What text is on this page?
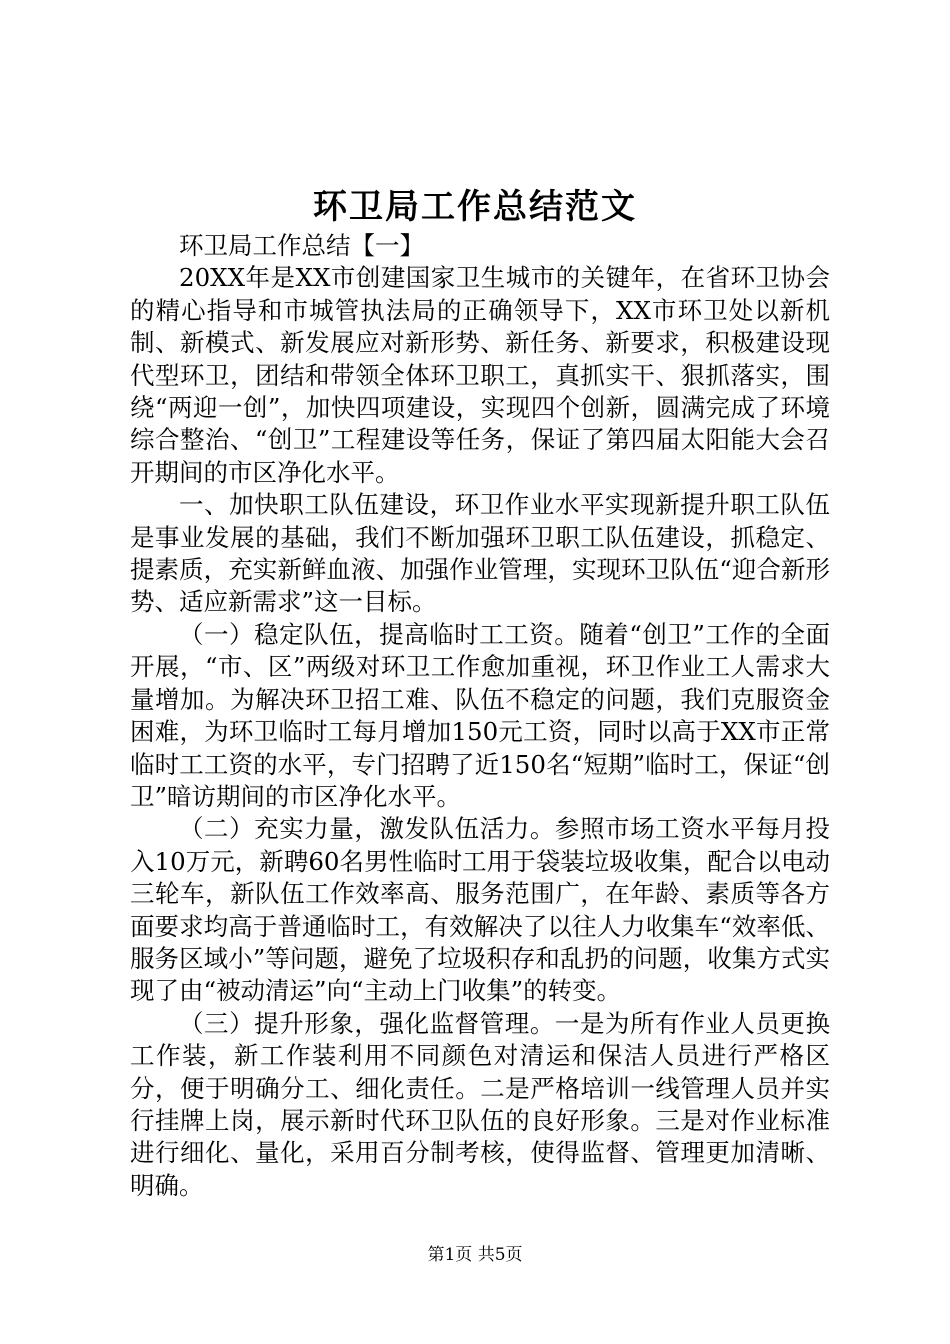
环卫局工作总结范文

环卫局工作总结【一】

20XX年是XX市创建国家卫生城市的关键年，在省环卫协会的精心指导和市城管执法局的正确领导下，XX市环卫处以新机制、新模式、新发展应对新形势、新任务、新要求，积极建设现代型环卫，团结和带领全体环卫职工，真抓实干、狠抓落实，围绕“两迎一创”，加快四项建设，实现四个创新，圆满完成了环境综合整治、“创卫”工程建设等任务，保证了第四届太阳能大会召开期间的市区净化水平。

一、加快职工队伍建设，环卫作业水平实现新提升职工队伍是事业发展的基础，我们不断加强环卫职工队伍建设，抓稳定、提素质，充实新鲜血液、加强作业管理，实现环卫队伍“迎合新形势、适应新需求”这一目标。

（一）稳定队伍，提高临时工工资。随着“创卫”工作的全面开展，“市、区”两级对环卫工作愈加重视，环卫作业工人需求大量增加。为解决环卫招工难、队伍不稳定的问题，我们克服资金困难，为环卫临时工每月增加150元工资，同时以高于XX市正常临时工工资的水平，专门招聘了近150名“短期”临时工，保证“创卫”暗访期间的市区净化水平。

（二）充实力量，激发队伍活力。参照市场工资水平每月投入10万元，新聘60名男性临时工用于袋装垃圾收集，配合以电动三轮车，新队伍工作效率高、服务范围广，在年龄、素质等各方面要求均高于普通临时工，有效解决了以往人力收集车“效率低、服务区域小”等问题，避免了垃圾积存和乱扔的问题，收集方式实现了由“被动清运”向“主动上门收集”的转变。

（三）提升形象，强化监督管理。一是为所有作业人员更换工作装，新工作装利用不同颜色对清运和保洁人员进行严格区分，便于明确分工、细化责任。二是严格培训一线管理人员并实行挂牌上岗，展示新时代环卫队伍的良好形象。三是对作业标准进行细化、量化，采用百分制考核，使得监督、管理更加清晰、明确。

第1页 共5页
